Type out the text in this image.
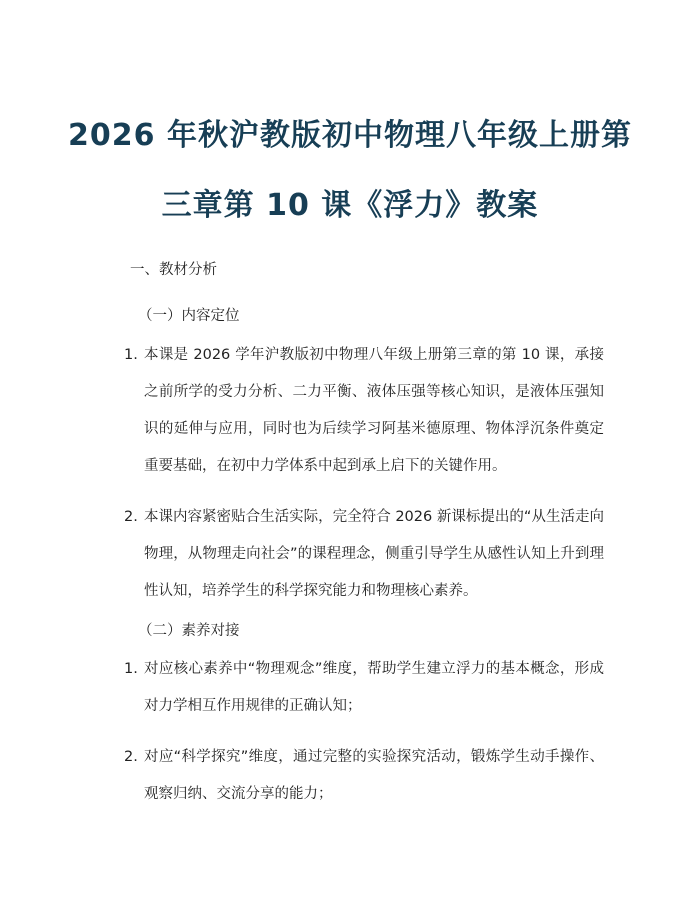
2026 年秋沪教版初中物理八年级上册第
三章第 10 课《浮力》教案
一、教材分析
（一）内容定位
1. 本课是 2026 学年沪教版初中物理八年级上册第三章的第 10 课，承接之前所学的受力分析、二力平衡、液体压强等核心知识，是液体压强知识的延伸与应用，同时也为后续学习阿基米德原理、物体浮沉条件奠定重要基础，在初中力学体系中起到承上启下的关键作用。
2. 本课内容紧密贴合生活实际，完全符合 2026 新课标提出的“从生活走向物理，从物理走向社会”的课程理念，侧重引导学生从感性认知上升到理性认知，培养学生的科学探究能力和物理核心素养。
（二）素养对接
1. 对应核心素养中“物理观念”维度，帮助学生建立浮力的基本概念，形成对力学相互作用规律的正确认知；
2. 对应“科学探究”维度，通过完整的实验探究活动，锻炼学生动手操作、观察归纳、交流分享的能力；
